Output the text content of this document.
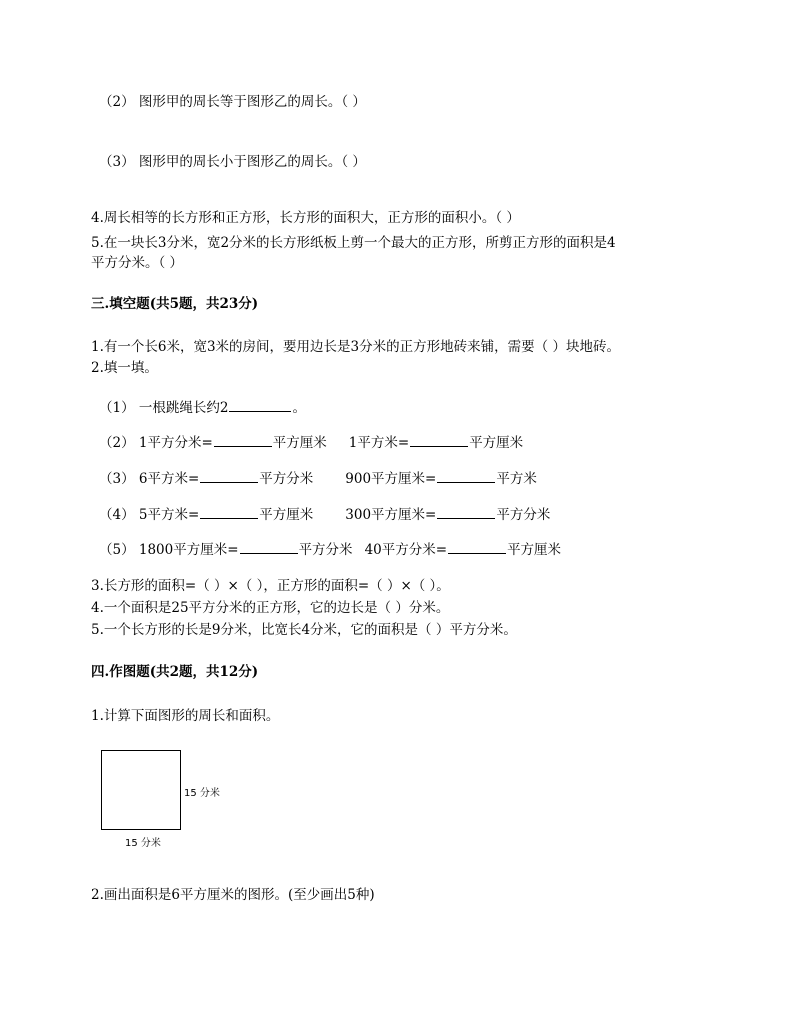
（2） 图形甲的周长等于图形乙的周长。（ ）
（3） 图形甲的周长小于图形乙的周长。（ ）
4.周长相等的长方形和正方形，长方形的面积大，正方形的面积小。（ ）
5.在一块长3分米，宽2分米的长方形纸板上剪一个最大的正方形，所剪正方形的面积是4
平方分米。（ ）
三.填空题(共5题，共23分)
1.有一个长6米，宽3米的房间，要用边长是3分米的正方形地砖来铺，需要（ ）块地砖。
2.填一填。
（1） 一根跳绳长约2	。
（2） 1平方分米=	平方厘米 1平方米=	平方厘米
（3） 6平方米=	平方分米 900平方厘米=	平方米
（4） 5平方米=	平方厘米 300平方厘米=	平方分米
（5） 1800平方厘米=	平方分米 40平方分米=	平方厘米
3.长方形的面积=（ ）×（ ），正方形的面积=（ ）×（ ）。
4.一个面积是25平方分米的正方形，它的边长是（ ）分米。
5.一个长方形的长是9分米，比宽长4分米，它的面积是（ ）平方分米。
四.作图题(共2题，共12分)
1.计算下面图形的周长和面积。
15 分米
15 分米
2.画出面积是6平方厘米的图形。(至少画出5种)
